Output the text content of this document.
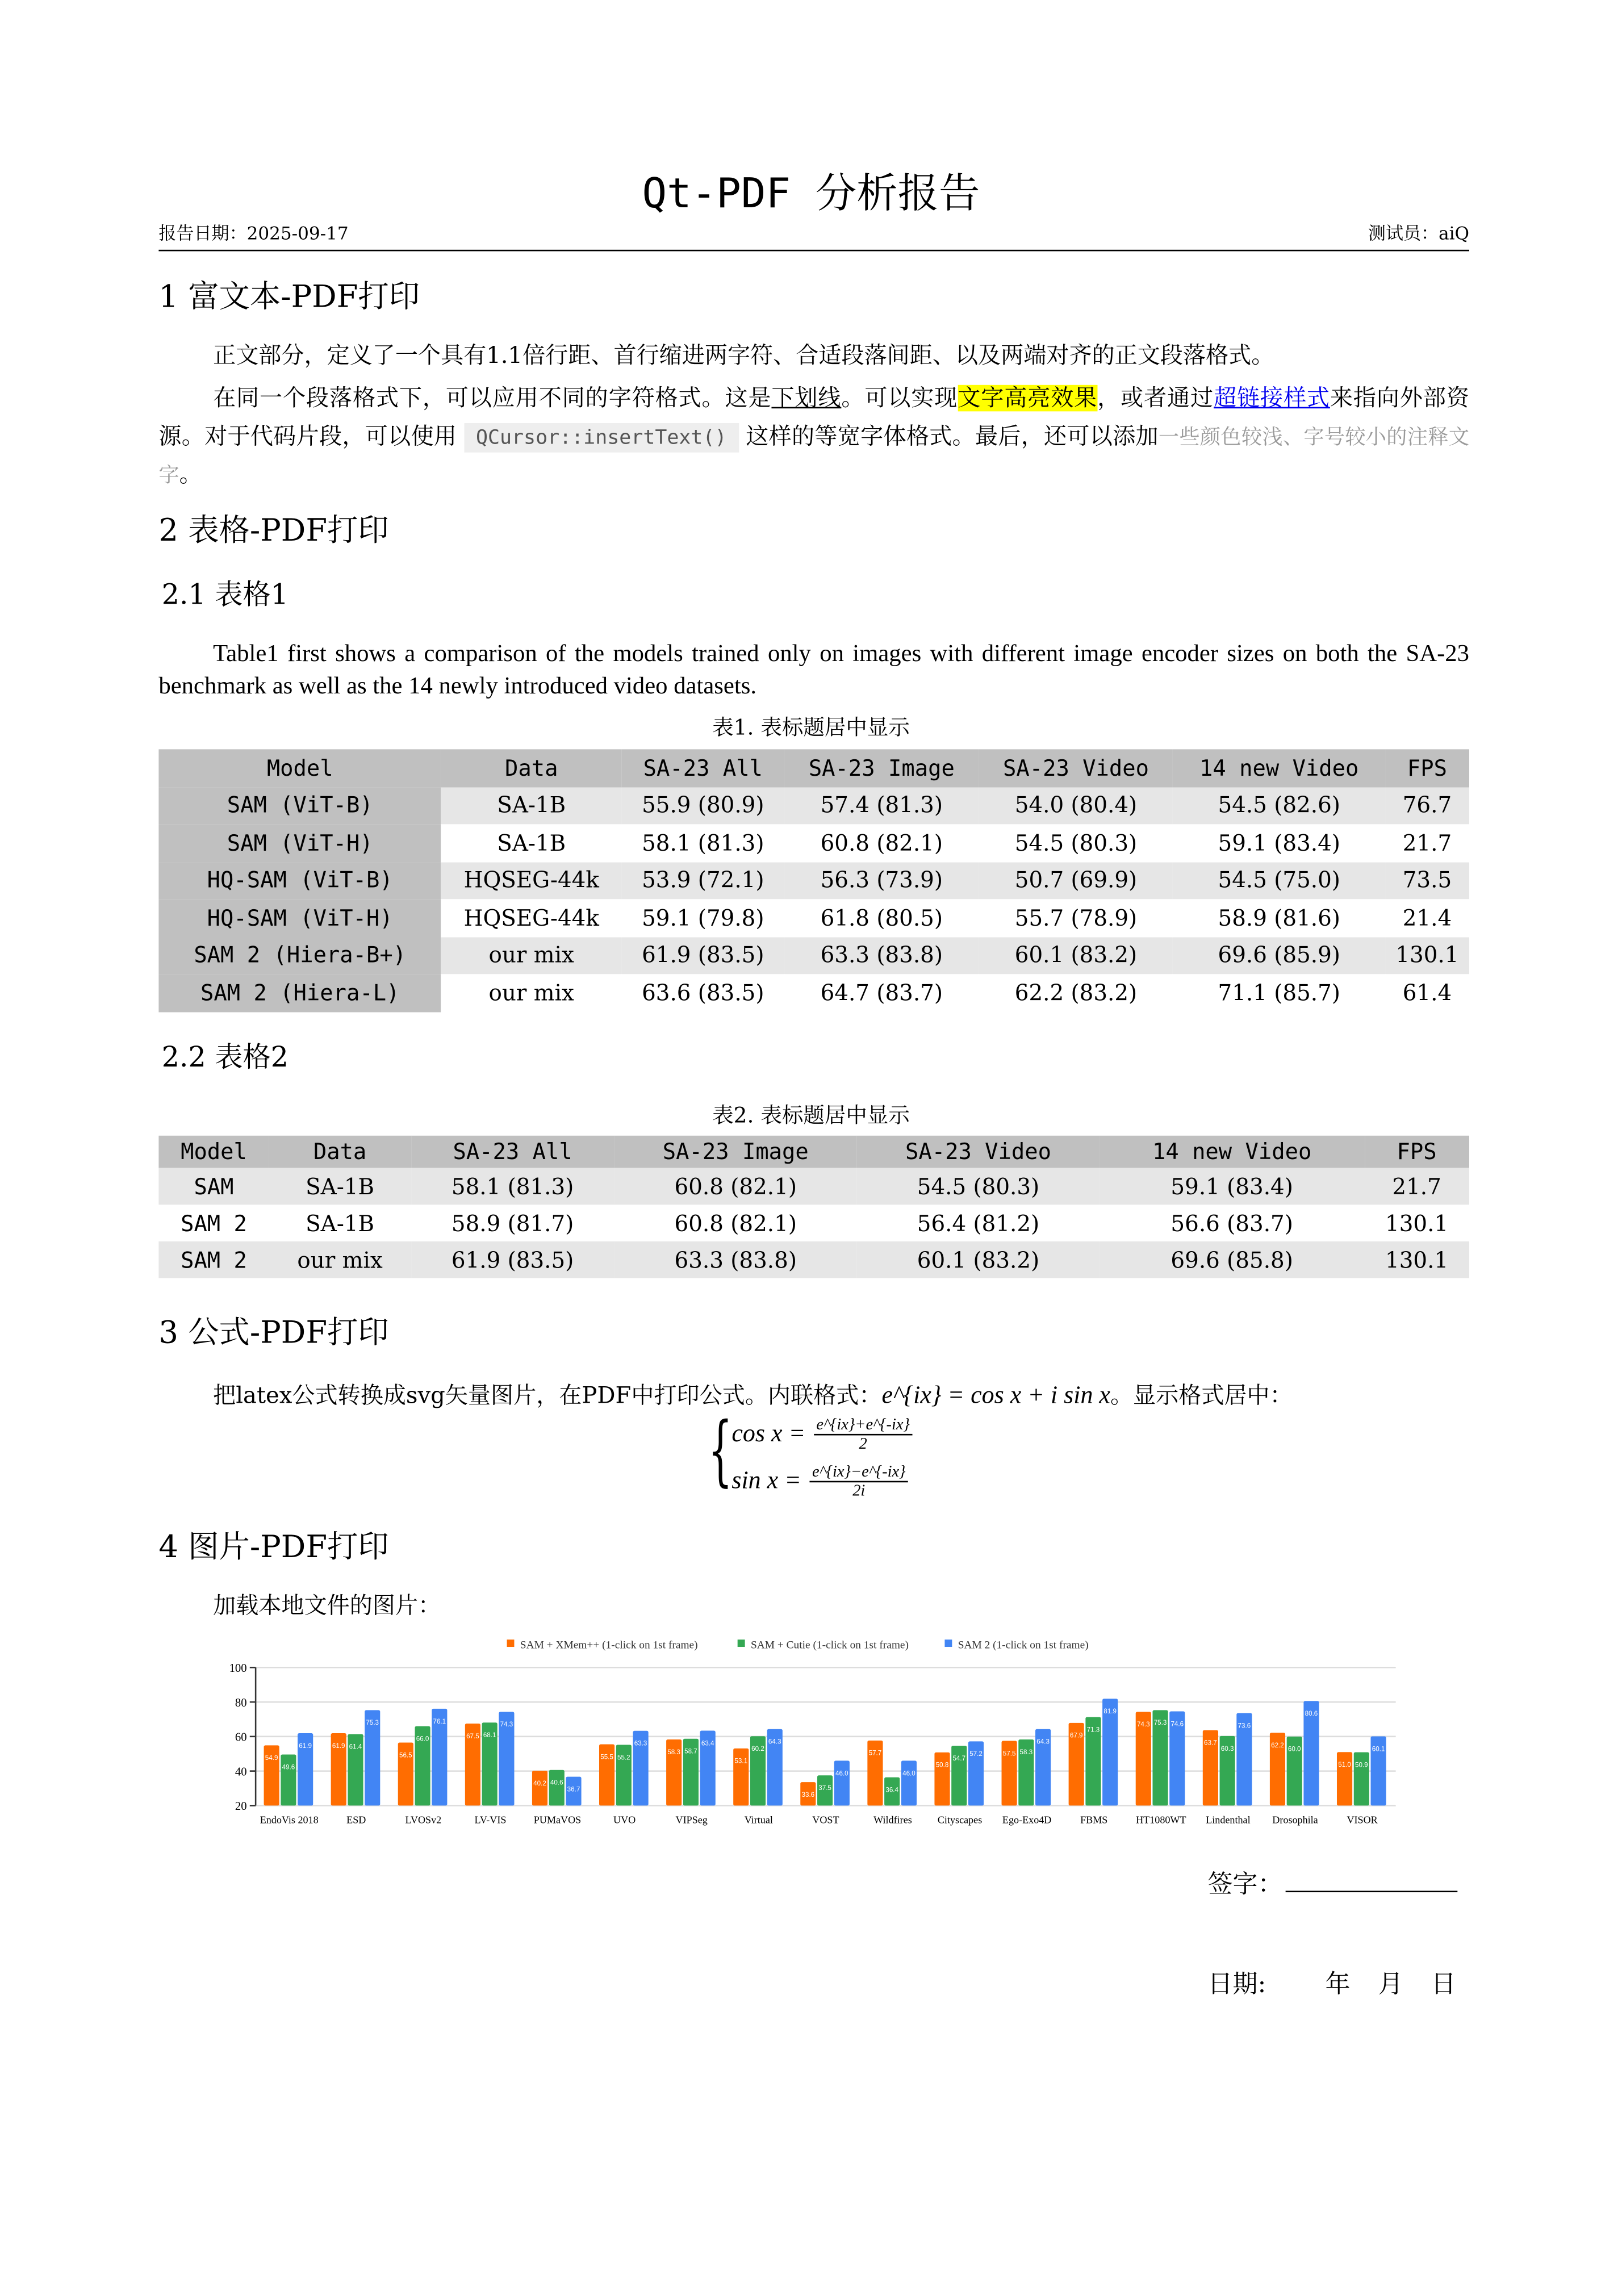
Qt-PDF 分析报告
报告日期：2025-09-17	测试员：aiQ
1 富文本-PDF打印
正文部分，定义了一个具有1.1倍行距、首行缩进两字符、合适段落间距、以及两端对齐的正文段落格式。
在同一个段落格式下，可以应用不同的字符格式。这是下划线。可以实现文字高亮效果，或者通过超链接样式来指向外部资源。对于代码片段，可以使用	QCursor::insertText() 这样的等宽字体格式。最后，还可以添加一些颜色较浅、字号较小的注释文字。
2 表格-PDF打印
2.1 表格1
Table1 first shows a comparison of the models trained only on images with different image encoder sizes on both the SA-23 benchmark as well as the 14 newly introduced video datasets.
表1. 表标题居中显示
Model	Data	SA-23 All	SA-23 Image	SA-23 Video	14 new Video	FPS
SAM (ViT-B)	SA-1B	55.9 (80.9)	57.4 (81.3)	54.0 (80.4)	54.5 (82.6)	76.7
SAM (ViT-H)	SA-1B	58.1 (81.3)	60.8 (82.1)	54.5 (80.3)	59.1 (83.4)	21.7
HQ-SAM (ViT-B)	HQSEG-44k	53.9 (72.1)	56.3 (73.9)	50.7 (69.9)	54.5 (75.0)	73.5
HQ-SAM (ViT-H)	HQSEG-44k	59.1 (79.8)	61.8 (80.5)	55.7 (78.9)	58.9 (81.6)	21.4
SAM 2 (Hiera-B+)	our mix	61.9 (83.5)	63.3 (83.8)	60.1 (83.2)	69.6 (85.9)	130.1
SAM 2 (Hiera-L)	our mix	63.6 (83.5)	64.7 (83.7)	62.2 (83.2)	71.1 (85.7)	61.4
2.2 表格2
表2. 表标题居中显示
Model	Data	SA-23 All	SA-23 Image	SA-23 Video	14 new Video	FPS
SAM	SA-1B	58.1 (81.3)	60.8 (82.1)	54.5 (80.3)	59.1 (83.4)	21.7
SAM 2	SA-1B	58.9 (81.7)	60.8 (82.1)	56.4 (81.2)	56.6 (83.7)	130.1
SAM 2	our mix	61.9 (83.5)	63.3 (83.8)	60.1 (83.2)	69.6 (85.8)	130.1
3 公式-PDF打印
把latex公式转换成svg矢量图片，在PDF中打印公式。内联格式：e^{ix} = cos x + i sin x。显示格式居中：
{
$\cos x = \frac{e\^{}\{ix\}+e\^{}\{-ix\}}{2}$
$\sin x = \frac{e\^{}\{ix\}-e\^{}\{-ix\}}{2i}$
4 图片-PDF打印
加载本地文件的图片：
SAM + XMem++ (1-click on 1st frame)	SAM + Cutie (1-click on 1st frame)	SAM 2 (1-click on 1st frame)
20
40
60
80
100
54.9
49.6
61.9
EndoVis 2018
61.9 61.4
75.3
ESD
56.5
66.0
76.1
LVOSv2
67.5 68.1
74.3
LV-VIS
40.2 40.6
36.7
PUMaVOS
55.5 55.2
63.3
UVO
58.3 58.7
63.4
VIPSeg
53.1
60.2
64.3
Virtual
33.6
37.5
46.0
VOST
57.7
36.4
46.0
Wildfires
50.8
54.7
57.2
Cityscapes
57.5 58.3
64.3
Ego-Exo4D
67.9
71.3
81.9
FBMS
74.3 75.3 74.6
HT1080WT
63.7
60.3
73.6
Lindenthal
62.2
60.0
80.6
Drosophila
51.0 50.9
60.1
VISOR
签字：
日期:	年	月	日
